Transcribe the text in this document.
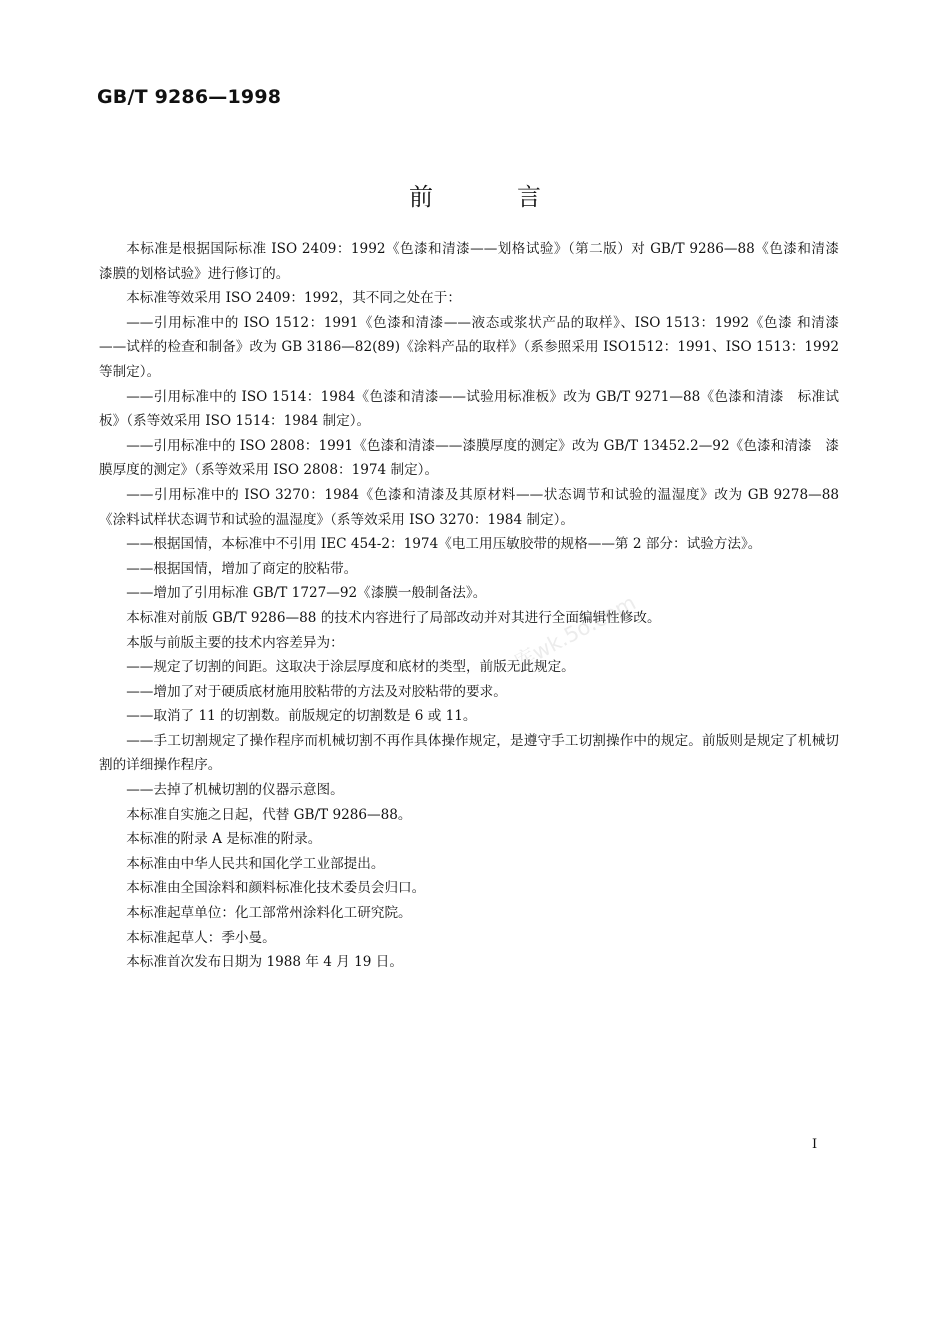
GB/T 9286—1998
前言

本标准是根据国际标准 ISO 2409：1992《色漆和清漆——划格试验》（第二版）对 GB/T 9286—88《色漆和清漆　漆膜的划格试验》进行修订的。

本标准等效采用 ISO 2409：1992，其不同之处在于：

——引用标准中的 ISO 1512：1991《色漆和清漆——液态或浆状产品的取样》、ISO 1513：1992《色漆 和清漆——试样的检查和制备》改为 GB 3186—82(89)《涂料产品的取样》（系参照采用 ISO1512：1991、ISO 1513：1992 等制定）。

——引用标准中的 ISO 1514：1984《色漆和清漆——试验用标准板》改为 GB/T 9271—88《色漆和清漆　标准试板》（系等效采用 ISO 1514：1984 制定）。

——引用标准中的 ISO 2808：1991《色漆和清漆——漆膜厚度的测定》改为 GB/T 13452.2—92《色漆和清漆　漆膜厚度的测定》（系等效采用 ISO 2808：1974 制定）。

——引用标准中的 ISO 3270：1984《色漆和清漆及其原材料——状态调节和试验的温湿度》改为 GB 9278—88《涂料试样状态调节和试验的温湿度》（系等效采用 ISO 3270：1984 制定）。

——根据国情，本标准中不引用 IEC 454-2：1974《电工用压敏胶带的规格——第 2 部分：试验方法》。

——根据国情，增加了商定的胶粘带。

——增加了引用标准 GB/T 1727—92《漆膜一般制备法》。

本标准对前版 GB/T 9286—88 的技术内容进行了局部改动并对其进行全面编辑性修改。

本版与前版主要的技术内容差异为：

——规定了切割的间距。这取决于涂层厚度和底材的类型，前版无此规定。

——增加了对于硬质底材施用胶粘带的方法及对胶粘带的要求。

——取消了 11 的切割数。前版规定的切割数是 6 或 11。

——手工切割规定了操作程序而机械切割不再作具体操作规定，是遵守手工切割操作中的规定。前版则是规定了机械切割的详细操作程序。

——去掉了机械切割的仪器示意图。

本标准自实施之日起，代替 GB/T 9286—88。

本标准的附录 A 是标准的附录。

本标准由中华人民共和国化学工业部提出。

本标准由全国涂料和颜料标准化技术委员会归口。

本标准起草单位：化工部常州涂料化工研究院。

本标准起草人：季小曼。

本标准首次发布日期为 1988 年 4 月 19 日。

库wk.5o.com
I
